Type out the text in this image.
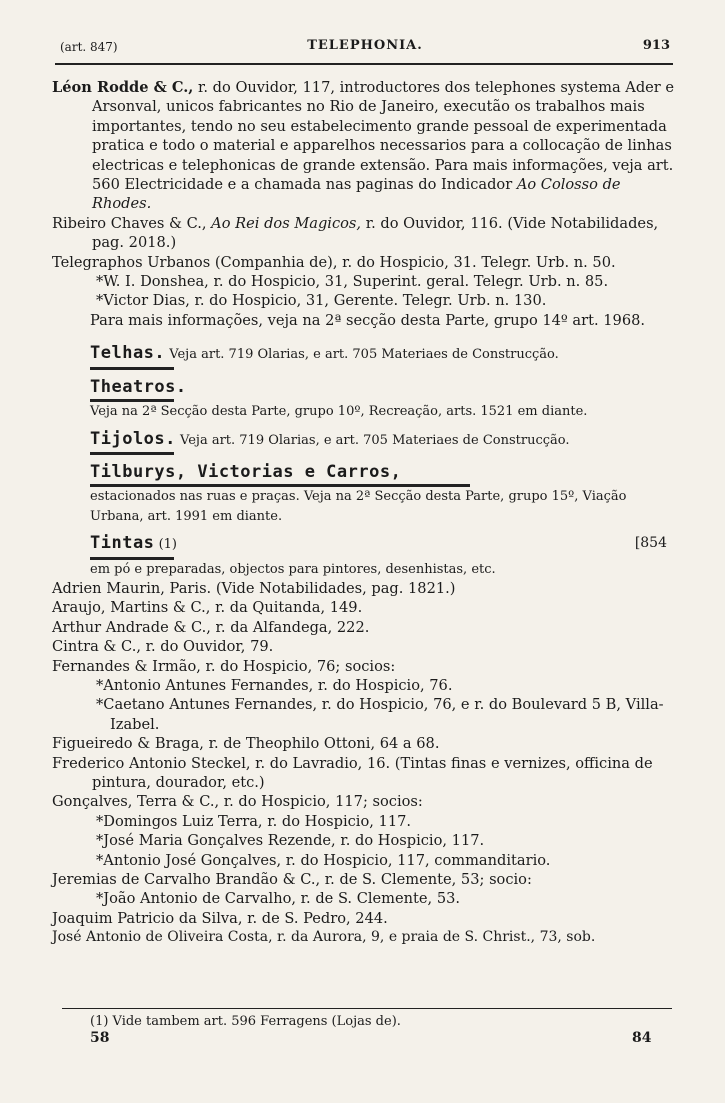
(art. 847)	TELEPHONIA.	913
Léon Rodde & C., r. do Ouvidor, 117, introductores dos telephones systema Ader e Arsonval, unicos fabricantes no Rio de Janeiro, executão os trabalhos mais importantes, tendo no seu estabelecimento grande pessoal de experimentada pratica e todo o material e apparelhos necessarios para a collocação de linhas electricas e telephonicas de grande extensão. Para mais informações, veja art. 560 Electricidade e a chamada nas paginas do Indicador Ao Colosso de Rhodes.
Ribeiro Chaves & C., Ao Rei dos Magicos, r. do Ouvidor, 116. (Vide Notabilidades, pag. 2018.)
Telegraphos Urbanos (Companhia de), r. do Hospicio, 31. Telegr. Urb. n. 50.
*W. I. Donshea, r. do Hospicio, 31, Superint. geral. Telegr. Urb. n. 85.
*Victor Dias, r. do Hospicio, 31, Gerente. Telegr. Urb. n. 130.
Para mais informações, veja na 2ª secção desta Parte, grupo 14º art. 1968.
Telhas. Veja art. 719 Olarias, e art. 705 Materiaes de Construcção.
Theatros.
Veja na 2ª Secção desta Parte, grupo 10º, Recreação, arts. 1521 em diante.
Tijolos. Veja art. 719 Olarias, e art. 705 Materiaes de Construcção.
Tilburys, Victorias e Carros,
estacionados nas ruas e praças. Veja na 2ª Secção desta Parte, grupo 15º, Viação Urbana, art. 1991 em diante.
Tintas (1)	[854
em pó e preparadas, objectos para pintores, desenhistas, etc.
Adrien Maurin, Paris. (Vide Notabilidades, pag. 1821.)
Araujo, Martins & C., r. da Quitanda, 149.
Arthur Andrade & C., r. da Alfandega, 222.
Cintra & C., r. do Ouvidor, 79.
Fernandes & Irmão, r. do Hospicio, 76; socios:
*Antonio Antunes Fernandes, r. do Hospicio, 76.
*Caetano Antunes Fernandes, r. do Hospicio, 76, e r. do Boulevard 5 B, Villa-Izabel.
Figueiredo & Braga, r. de Theophilo Ottoni, 64 a 68.
Frederico Antonio Steckel, r. do Lavradio, 16. (Tintas finas e vernizes, officina de pintura, dourador, etc.)
Gonçalves, Terra & C., r. do Hospicio, 117; socios:
*Domingos Luiz Terra, r. do Hospicio, 117.
*José Maria Gonçalves Rezende, r. do Hospicio, 117.
*Antonio José Gonçalves, r. do Hospicio, 117, commanditario.
Jeremias de Carvalho Brandão & C., r. de S. Clemente, 53; socio:
*João Antonio de Carvalho, r. de S. Clemente, 53.
Joaquim Patricio da Silva, r. de S. Pedro, 244.
José Antonio de Oliveira Costa, r. da Aurora, 9, e praia de S. Christ., 73, sob.
(1) Vide tambem art. 596 Ferragens (Lojas de).
58	84
